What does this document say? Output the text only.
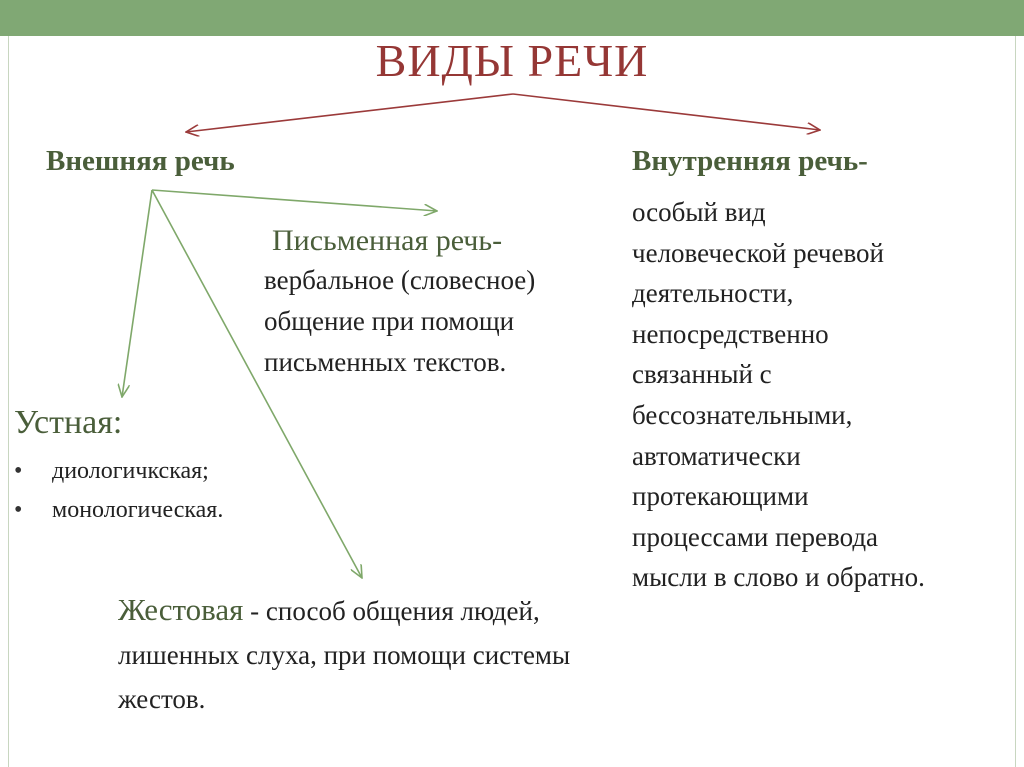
ВИДЫ РЕЧИ
Внешняя речь	Внутренняя речь-
особый вид
человеческой речевой
деятельности,
непосредственно
связанный с
бессознательными,
автоматически
протекающими
процессами перевода
мысли в слово и обратно.
Письменная речь-
вербальное (словесное)
общение при помощи
письменных текстов.
Устная:
• диологичкская;
• монологическая.
Жестовая - способ общения людей, лишенных слуха, при помощи системы жестов.
